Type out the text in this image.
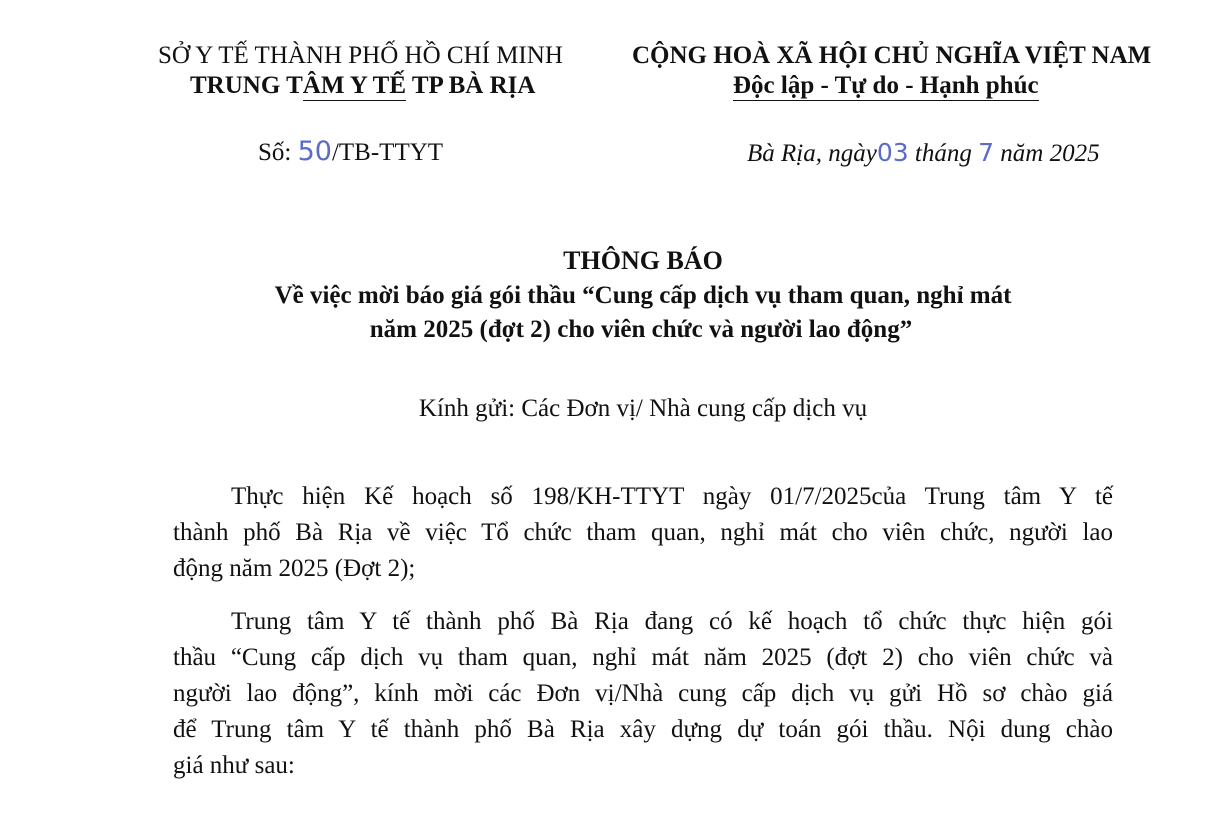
SỞ Y TẾ THÀNH PHỐ HỒ CHÍ MINH
TRUNG TÂM Y TẾ TP BÀ RỊA
CỘNG HOÀ XÃ HỘI CHỦ NGHĨA VIỆT NAM
Độc lập - Tự do - Hạnh phúc
Số: 50/TB-TTYT	Bà Rịa, ngày03 tháng 7 năm 2025
THÔNG BÁO
Về việc mời báo giá gói thầu “Cung cấp dịch vụ tham quan, nghỉ mát
năm 2025 (đợt 2) cho viên chức và người lao động”
Kính gửi: Các Đơn vị/ Nhà cung cấp dịch vụ
Thực hiện Kế hoạch số 198/KH-TTYT ngày 01/7/2025của Trung tâm Y tế
thành phố Bà Rịa về việc Tổ chức tham quan, nghỉ mát cho viên chức, người lao
động năm 2025 (Đợt 2);
Trung tâm Y tế thành phố Bà Rịa đang có kế hoạch tổ chức thực hiện gói
thầu “Cung cấp dịch vụ tham quan, nghỉ mát năm 2025 (đợt 2) cho viên chức và
người lao động”, kính mời các Đơn vị/Nhà cung cấp dịch vụ gửi Hồ sơ chào giá
để Trung tâm Y tế thành phố Bà Rịa xây dựng dự toán gói thầu. Nội dung chào
giá như sau:
